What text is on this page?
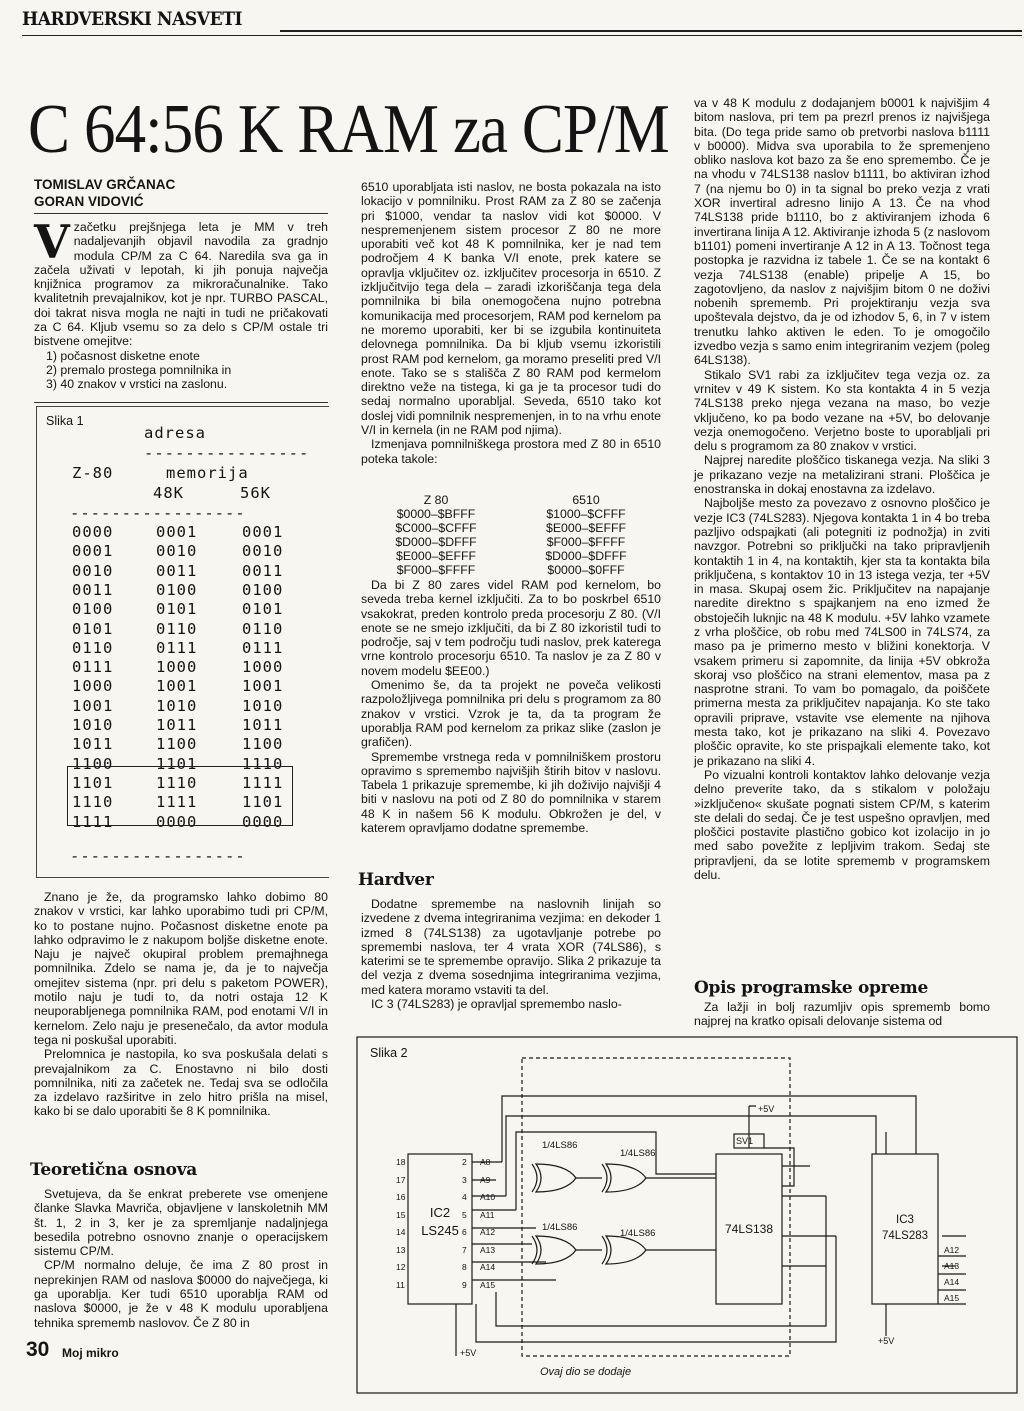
HARDVERSKI NASVETI
C 64:56 K RAM za CP/M
TOMISLAV GRČANAC
GORAN VIDOVIĆ
V začetku prejšnjega leta je MM v treh nadaljevanjih objavil navodila za gradnjo modula CP/M za C 64. Naredila sva ga in začela uživati v lepotah, ki jih ponuja največja knjižnica programov za mikroračunalnike. Tako kvalitetnih prevajalnikov, kot je npr. TURBO PASCAL, doi takrat nisva mogla ne najti in tudi ne pričakovati za C 64. Kljub vsemu so za delo s CP/M ostale tri bistvene omejitve:
1) počasnost disketne enote
2) premalo prostega pomnilnika in
3) 40 znakov v vrstici na zaslonu.
Slika 1
adresa
----------------
Z-80	memorija
48K	56K
-----------------
0000	0001	0001
0001	0010	0010
0010	0011	0011
0011	0100	0100
0100	0101	0101
0101	0110	0110
0110	0111	0111
0111	1000	1000
1000	1001	1001
1001	1010	1010
1010	1011	1011
1011	1100	1100
1100	1101	1110
1101	1110	1111
1110	1111	1101
1111	0000	0000
-----------------

Znano je že, da programsko lahko dobimo 80 znakov v vrstici, kar lahko uporabimo tudi pri CP/M, ko to postane nujno. Počasnost disketne enote pa lahko odpravimo le z nakupom boljše disketne enote. Naju je največ okupiral problem premajhnega pomnilnika. Zdelo se nama je, da je to največja omejitev sistema (npr. pri delu s paketom POWER), motilo naju je tudi to, da notri ostaja 12 K neuporabljenega pomnilnika RAM, pod enotami V/I in kernelom. Zelo naju je presenečalo, da avtor modula tega ni poskušal uporabiti.

Prelomnica je nastopila, ko sva poskušala delati s prevajalnikom za C. Enostavno ni bilo dosti pomnilnika, niti za začetek ne. Tedaj sva se odločila za izdelavo razširitve in zelo hitro prišla na misel, kako bi se dalo uporabiti še 8 K pomnilnika.

Teoretična osnova

Svetujeva, da še enkrat preberete vse omenjene članke Slavka Mavriča, objavljene v lanskoletnih MM št. 1, 2 in 3, ker je za spremljanje nadaljnjega besedila potrebno osnovno znanje o operacijskem sistemu CP/M.

CP/M normalno deluje, če ima Z 80 prost in neprekinjen RAM od naslova $0000 do največjega, ki ga uporablja. Ker tudi 6510 uporablja RAM od naslova $0000, je že v 48 K modulu uporabljena tehnika sprememb naslovov. Če Z 80 in

6510 uporabljata isti naslov, ne bosta pokazala na isto lokacijo v pomnilniku. Prost RAM za Z 80 se začenja pri $1000, vendar ta naslov vidi kot $0000. V nespremenjenem sistem procesor Z 80 ne more uporabiti več kot 48 K pomnilnika, ker je nad tem področjem 4 K banka V/I enote, prek katere se opravlja vključitev oz. izključitev procesorja in 6510. Z izključitvijo tega dela – zaradi izkoriščanja tega dela pomnilnika bi bila onemogočena nujno potrebna komunikacija med procesorjem, RAM pod kernelom pa ne moremo uporabiti, ker bi se izgubila kontinuiteta delovnega pomnilnika. Da bi kljub vsemu izkoristili prost RAM pod kernelom, ga moramo preseliti pred V/I enote. Tako se s stališča Z 80 RAM pod kermelom direktno veže na tistega, ki ga je ta procesor tudi do sedaj normalno uporabljal. Seveda, 6510 tako kot doslej vidi pomnilnik nespremenjen, in to na vrhu enote V/I in kernela (in ne RAM pod njima).

Izmenjava pomnilniškega prostora med Z 80 in 6510 poteka takole:

Z 80	6510
$0000–$BFFF	$1000–$CFFF
$C000–$CFFF	$E000–$EFFF
$D000–$DFFF	$F000–$FFFF
$E000–$EFFF	$D000–$DFFF
$F000–$FFFF	$0000–$0FFF

Da bi Z 80 zares videl RAM pod kernelom, bo seveda treba kernel izključiti. Za to bo poskrbel 6510 vsakokrat, preden kontrolo preda procesorju Z 80. (V/I enote se ne smejo izključiti, da bi Z 80 izkoristil tudi to področje, saj v tem področju tudi naslov, prek katerega vrne kontrolo procesorju 6510. Ta naslov je za Z 80 v novem modelu $EE00.)

Omenimo še, da ta projekt ne poveča velikosti razpoložljivega pomnilnika pri delu s programom za 80 znakov v vrstici. Vzrok je ta, da ta program že uporablja RAM pod kernelom za prikaz slike (zaslon je grafičen).

Spremembe vrstnega reda v pomnilniškem prostoru opravimo s spremembo najvišjih štirih bitov v naslovu. Tabela 1 prikazuje spremembe, ki jih doživijo najvišji 4 biti v naslovu na poti od Z 80 do pomnilnika v starem 48 K in našem 56 K modulu. Obkrožen je del, v katerem opravljamo dodatne spremembe.

Hardver

Dodatne spremembe na naslovnih linijah so izvedene z dvema integriranima vezjima: en dekoder 1 izmed 8 (74LS138) za ugotavljanje potrebe po spremembi naslova, ter 4 vrata XOR (74LS86), s katerimi se te spremembe opravijo. Slika 2 prikazuje ta del vezja z dvema sosednjima integriranima vezjima, med katera moramo vstaviti ta del.

IC 3 (74LS283) je opravljal spremembo naslo-

va v 48 K modulu z dodajanjem b0001 k najvišjim 4 bitom naslova, pri tem pa prezrl prenos iz najvišjega bita. (Do tega pride samo ob pretvorbi naslova b1111 v b0000). Midva sva uporabila to že spremenjeno obliko naslova kot bazo za še eno spremembo. Če je na vhodu v 74LS138 naslov b1111, bo aktiviran izhod 7 (na njemu bo 0) in ta signal bo preko vezja z vrati XOR invertiral adresno linijo A 13. Če na vhod 74LS138 pride b1110, bo z aktiviranjem izhoda 6 invertirana linija A 12. Aktiviranje izhoda 5 (z naslovom b1101) pomeni invertiranje A 12 in A 13. Točnost tega postopka je razvidna iz tabele 1. Če se na kontakt 6 vezja 74LS138 (enable) pripelje A 15, bo zagotovljeno, da naslov z najvišjim bitom 0 ne doživi nobenih sprememb. Pri projektiranju vezja sva upoštevala dejstvo, da je od izhodov 5, 6, in 7 v istem trenutku lahko aktiven le eden. To je omogočilo izvedbo vezja s samo enim integriranim vezjem (poleg 64LS138).

Stikalo SV1 rabi za izključitev tega vezja oz. za vrnitev v 49 K sistem. Ko sta kontakta 4 in 5 vezja 74LS138 preko njega vezana na maso, bo vezje vključeno, ko pa bodo vezane na +5V, bo delovanje vezja onemogočeno. Verjetno boste to uporabljali pri delu s programom za 80 znakov v vrstici.

Najprej naredite ploščico tiskanega vezja. Na sliki 3 je prikazano vezje na metalizirani strani. Ploščica je enostranska in dokaj enostavna za izdelavo.

Najboljše mesto za povezavo z osnovno ploščico je vezje IC3 (74LS283). Njegova kontakta 1 in 4 bo treba pazljivo odspajkati (ali potegniti iz podnožja) in zviti navzgor. Potrebni so priključki na tako pripravljenih kontaktih 1 in 4, na kontaktih, kjer sta ta kontakta bila priključena, s kontaktov 10 in 13 istega vezja, ter +5V in masa. Skupaj osem žic. Priključitev na napajanje naredite direktno s spajkanjem na eno izmed že obstoječih luknjic na 48 K modulu. +5V lahko vzamete z vrha ploščice, ob robu med 74LS00 in 74LS74, za maso pa je primerno mesto v bližini konektorja. V vsakem primeru si zapomnite, da linija +5V obkroža skoraj vso ploščico na strani elementov, masa pa z nasprotne strani. To vam bo pomagalo, da poiščete primerna mesta za priključitev napajanja. Ko ste tako opravili priprave, vstavite vse elemente na njihova mesta tako, kot je prikazano na sliki 4. Povezavo ploščic opravite, ko ste prispajkali elemente tako, kot je prikazano na sliki 4.

Po vizualni kontroli kontaktov lahko delovanje vezja delno preverite tako, da s stikalom v položaju »izključeno« skušate pognati sistem CP/M, s katerim ste delali do sedaj. Če je test uspešno opravljen, med ploščici postavite plastično gobico kot izolacijo in jo med sabo povežite z lepljivim trakom. Sedaj ste pripravljeni, da se lotite sprememb v programskem delu.

Opis programske opreme

Za lažji in bolj razumljiv opis sprememb bomo najprej na kratko opisali delovanje sistema od

Slika 2
IC2
LS245	74LS138
IC3
74LS283
SV1
+5V
+5V
+5V
1/4LS86
1/4LS86
1/4LS86
1/4LS86
A8
A9
A10
A11
A12
A13
A14
A15
18
17
16
15
14
13
12
11
2
3
4
5
6
7
8
9
A12
A13
A14
A15
Ovaj dio se dodaje
30 Moj mikro
